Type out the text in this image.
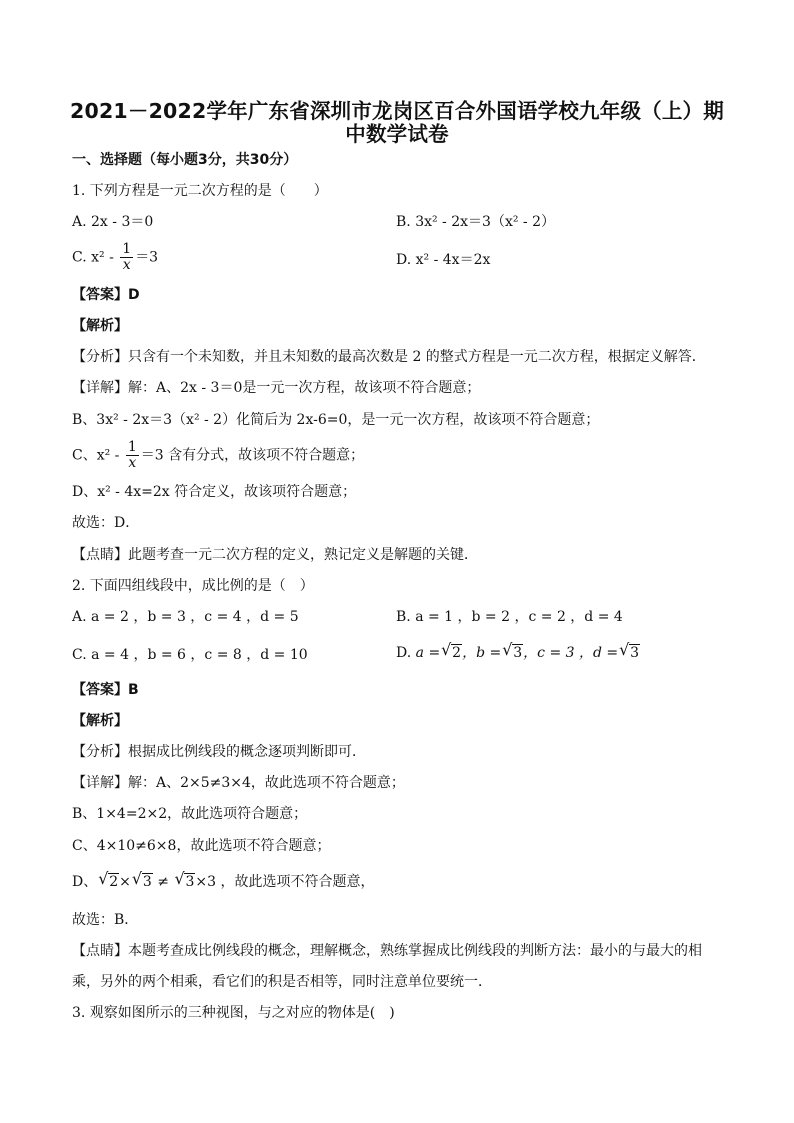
2021－2022学年广东省深圳市龙岗区百合外国语学校九年级（上）期
中数学试卷
一、选择题（每小题3分，共30分）
1. 下列方程是一元二次方程的是（　　）
A. 2x - 3＝0	B. 3x² - 2x＝3（x² - 2）
C. $x^2 - \frac{1}{x} =3$	D. x² - 4x＝2x
【答案】D
【解析】
【分析】只含有一个未知数，并且未知数的最高次数是 2 的整式方程是一元二次方程，根据定义解答．
【详解】解：A、2x - 3＝0是一元一次方程，故该项不符合题意；
B、3x² - 2x＝3（x² - 2）化简后为 2x-6=0，是一元一次方程，故该项不符合题意；
C、$x^2 - \frac{1}{x} =3$ 含有分式，故该项不符合题意；
D、x² - 4x=2x 符合定义，故该项符合题意；
故选：D．
【点睛】此题考查一元二次方程的定义，熟记定义是解题的关键．
2. 下面四组线段中，成比例的是（　）
A. a = 2 ，b = 3 ，c = 4 ，d = 5	B. a = 1 ，b = 2 ，c = 2 ，d = 4
C. a = 4 ，b = 6 ，c = 8 ，d = 10	D. a = √ 2，b = √ 3，c = 3 ，d = √ 3
【答案】B
【解析】
【分析】根据成比例线段的概念逐项判断即可．
【详解】解：A、2×5≠3×4，故此选项不符合题意；
B、1×4=2×2，故此选项符合题意；
C、4×10≠6×8，故此选项不符合题意；
D、 √ 2× √ 3 ≠ √ 3×3 ，故此选项不符合题意，
故选：B．
【点睛】本题考查成比例线段的概念，理解概念，熟练掌握成比例线段的判断方法：最小的与最大的相
乘，另外的两个相乘，看它们的积是否相等，同时注意单位要统一．
3. 观察如图所示的三种视图，与之对应的物体是(　)
